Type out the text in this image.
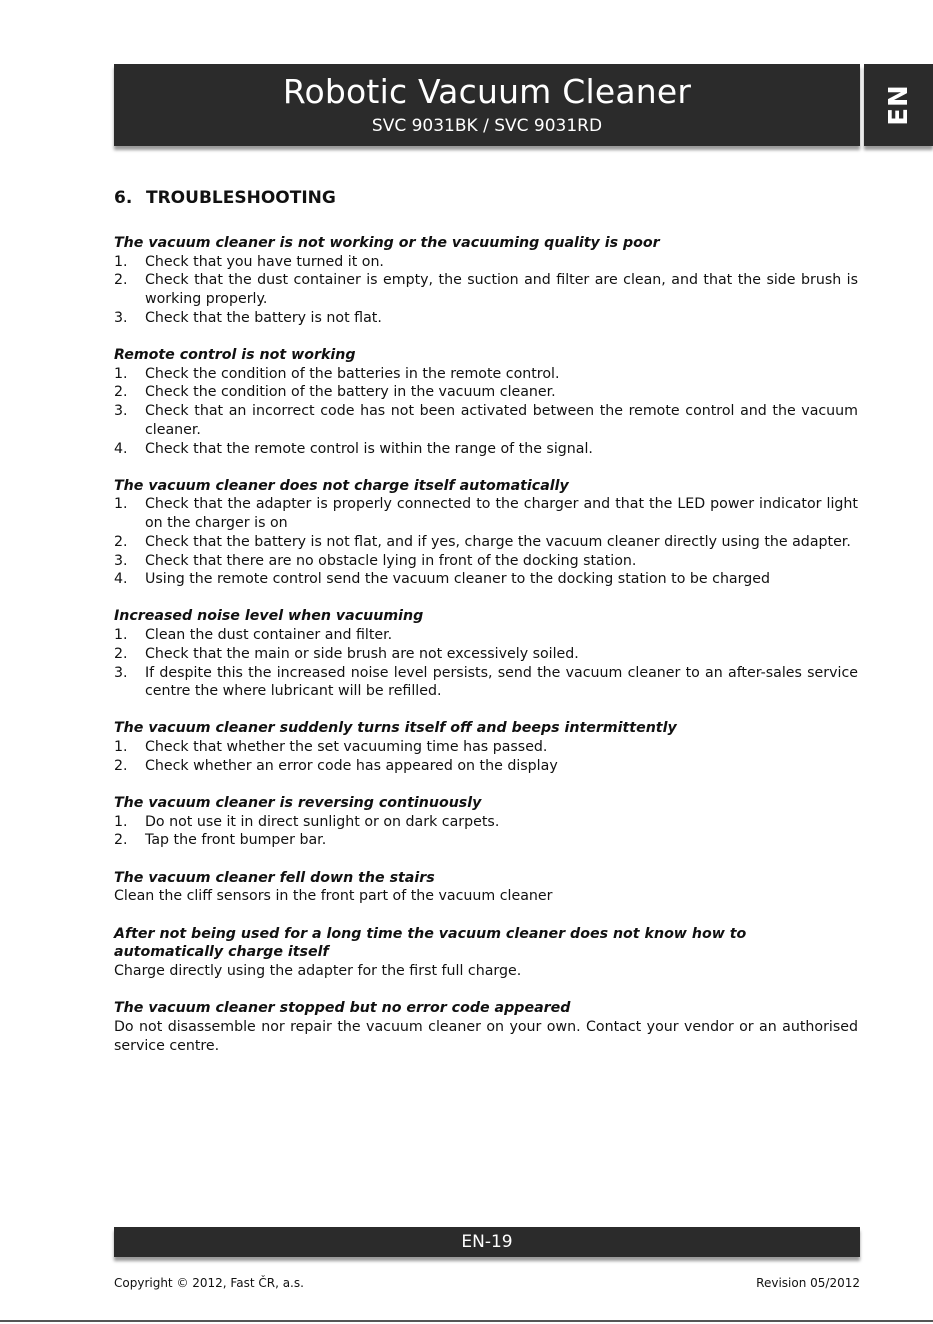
Robotic Vacuum Cleaner
SVC 9031BK / SVC 9031RD
EN
6. TROUBLESHOOTING
The vacuum cleaner is not working or the vacuuming quality is poor
1.	Check that you have turned it on.
2.	Check that the dust container is empty, the suction and filter are clean, and that the side brush is working properly.
3.	Check that the battery is not flat.
Remote control is not working
1.	Check the condition of the batteries in the remote control.
2.	Check the condition of the battery in the vacuum cleaner.
3.	Check that an incorrect code has not been activated between the remote control and the vacuum cleaner.
4.	Check that the remote control is within the range of the signal.
The vacuum cleaner does not charge itself automatically
1.	Check that the adapter is properly connected to the charger and that the LED power indicator light on the charger is on
2.	Check that the battery is not flat, and if yes, charge the vacuum cleaner directly using the adapter.
3.	Check that there are no obstacle lying in front of the docking station.
4.	Using the remote control send the vacuum cleaner to the docking station to be charged
Increased noise level when vacuuming
1.	Clean the dust container and filter.
2.	Check that the main or side brush are not excessively soiled.
3.	If despite this the increased noise level persists, send the vacuum cleaner to an after-sales service centre the where lubricant will be refilled.
The vacuum cleaner suddenly turns itself off and beeps intermittently
1.	Check that whether the set vacuuming time has passed.
2.	Check whether an error code has appeared on the display
The vacuum cleaner is reversing continuously
1.	Do not use it in direct sunlight or on dark carpets.
2.	Tap the front bumper bar.
The vacuum cleaner fell down the stairs
Clean the cliff sensors in the front part of the vacuum cleaner
After not being used for a long time the vacuum cleaner does not know how to automatically charge itself
Charge directly using the adapter for the first full charge.
The vacuum cleaner stopped but no error code appeared
Do not disassemble nor repair the vacuum cleaner on your own. Contact your vendor or an authorised service centre.
EN-19
Copyright © 2012, Fast ČR, a.s.	Revision 05/2012
